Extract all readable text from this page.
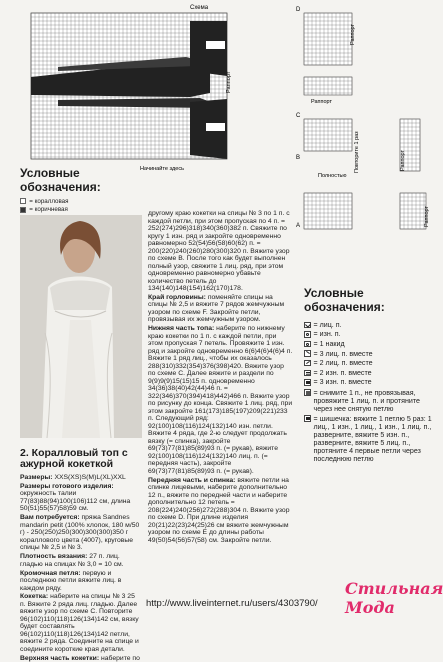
Схема
Раппорт
Начинайте здесь
Условные обозначения:
= коралловая
= коричневая
2. Коралловый топ с ажурной кокеткой

Размеры: XXS(XS)S(M)L(XL)XXL

Размеры готового изделия: окружность талии 77(83)88(94)100(106)112 см, длина 50(51)55(57)58)59 см.

Вам потребуется: пряжа Sandnes mandarin petit (100% хлопок, 180 м/50 г) - 250(250)250(300)300(300)350 г кораллового цвета (4007), круговые спицы № 2,5 и № 3.

Плотность вязания: 27 п. лиц. гладью на спицах № 3,0 = 10 см.

Кромочная петля: первую и последнюю петли вяжите лиц. в каждом ряду.

Кокетка: наберите на спицы № 3 25 п. Вяжите 2 ряда лиц. гладью. Далее вяжите узор по схеме С. Повторите 96(102)110(118)126(134)142 см, вязку будет составлять 96(102)110(118)126(134)142 петли, вяжите 2 ряда. Соедините на спице и соедините короткие края детали.

Верхняя часть кокетки: наберите по

другому краю кокетки на спицы № 3 по 1 п. с каждой петли, при этом пропуская по 4 п. = 252(274)296)318)340(360)382 п. Свяжите по кругу 1 изн. ряд и закройте одновременно равномерно 52(54)56(58)60(62) п. = 200(220)240(260)280(300)320 п. Вяжите узор по схеме В. После того как будет выполнен полный узор, свяжите 1 лиц. ряд, при этом одновременно равномерно убавьте количество петель до 134(140)148(154)162(170)178.

Край горловины: поменяйте спицы на спицы № 2,5 и вяжите 7 рядов жемчужным узором по схеме F. Закройте петли, провязывая их жемчужным узором.

Нижняя часть топа: наберите по нижнему краю кокетки по 1 п. с каждой петли, при этом пропуская 7 петель. Провяжите 1 изн. ряд и закройте одновременно 6(6)4(6)4(6)4 п. Вяжите 1 ряд лиц., чтобы их оказалось 288(310)332(354)376(398)420. Вяжите узор по схеме С. Далее вяжите и раздели по 9(9)9(9)15(15)15 п. одновременно 34(36)38(40)42(44)46 п. = 322(346)370(394)418)442)466 п. Вяжите узор по рисунку до конца. Свяжите 1 лиц. ряд, при этом закройте 161(173)185(197)209(221)233 п. Следующий ряд: 92(100)108(116)124(132)140 изн. петли. Вяжите 4 ряда, где 2-ю следует продолжать вязку (= спинка), закройте 69(73)77(81)85(89)93 п. (= рукав), вяжите 92(100)108(116)124(132)140 лиц. п. (= передняя часть), закройте 69(73)77(81)85(89)93 п. (= рукав).

Передняя часть и спинка: вяжите петли на спинке лицевыми, наберите дополнительно 12 п., вяжите по передней части и наберите дополнительно 12 петель = 208(224)240(256)272(288)304 п. Вяжите узор по схеме D. При длине изделия 20(21)22(23)24(25)26 см вяжите жемчужным узором по схеме Е до длины работы 49(50)54(56)57(58) см. Закройте петли.

D
C
B
A
Раппорт
Раппорт
Повторите 1 раз	Раппорт
Полностью
Раппорт
Условные обозначения:
= лиц. п.
= изн. п.
= 1 накид
= 3 лиц. п. вместе
= 2 лиц. п. вместе
= 2 изн. п. вместе
= 3 изн. п. вместе
= снимите 1 п., не провязывая, провяжите 1 лиц. п. и протяните через нее снятую петлю
= шишечка: вяжите 1 петлю 5 раз: 1 лиц., 1 изн., 1 лиц., 1 изн., 1 лиц. п., разверните, вяжите 5 изн. п., разверните, вяжите 5 лиц. п., протяните 4 первые петли через последнюю петлю
http://www.liveinternet.ru/users/4303790/
Стильная Мода
